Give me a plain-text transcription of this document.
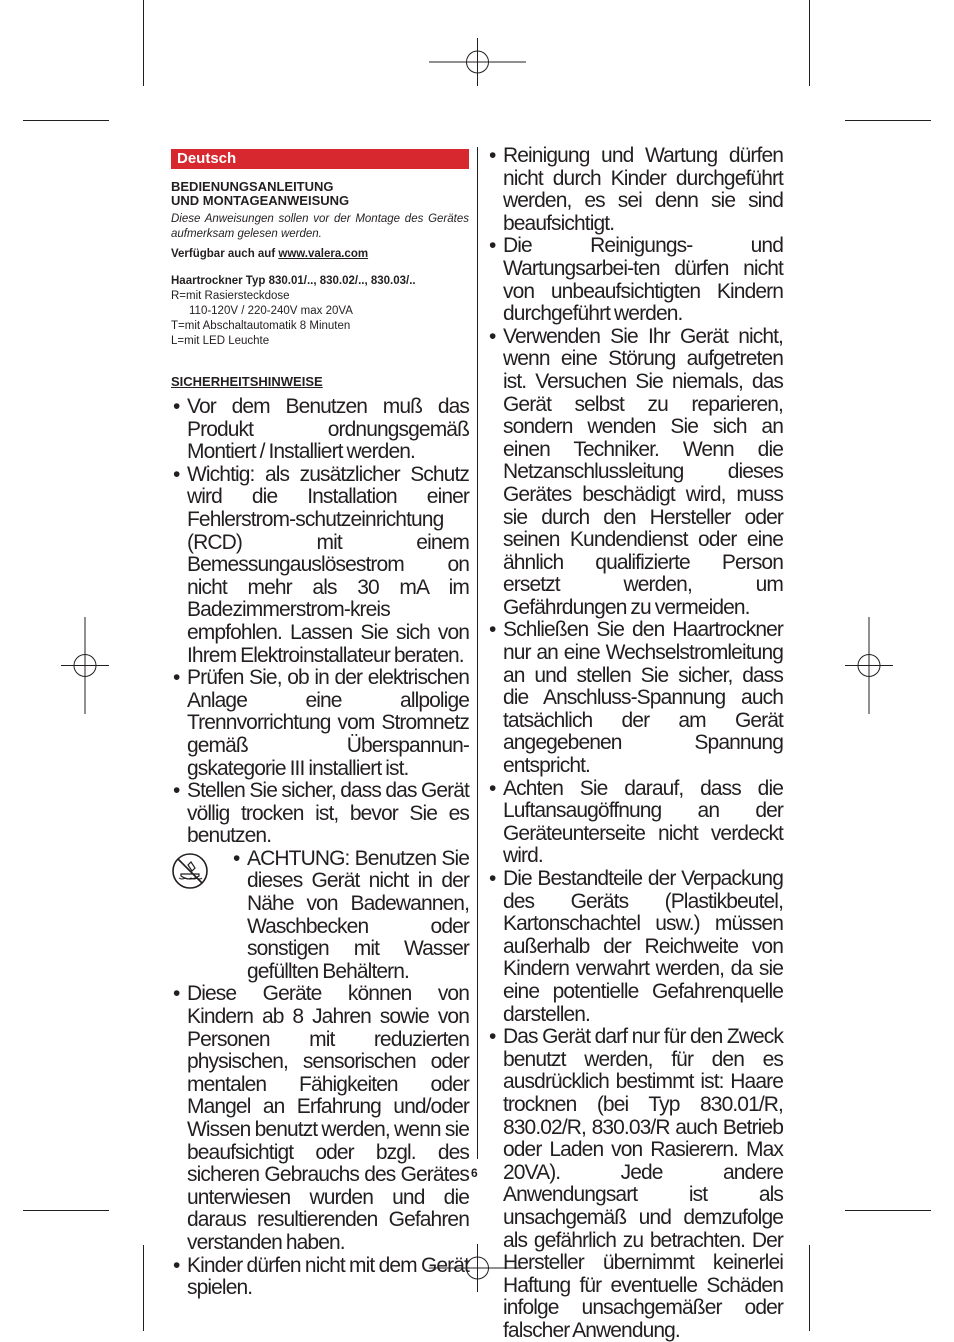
Deutsch
BEDIENUNGSANLEITUNG
UND MONTAGEANWEISUNG
Diese Anweisungen sollen vor der Montage des Gerätes aufmerksam gelesen werden.
Verfügbar auch auf www.valera.com
Haartrockner Typ 830.01/.., 830.02/.., 830.03/..
R=mit Rasiersteckdose
110-120V / 220-240V max 20VA
T=mit Abschaltautomatik 8 Minuten
L=mit LED Leuchte
SICHERHEITSHINWEISE
• Vor dem Benutzen muß das Produkt ordnungsgemäß Montiert / Installiert werden.
• Wichtig: als zusätzlicher Schutz wird die Installation einer Fehlerstrom-schutzeinrichtung (RCD) mit einem Bemessungauslösestrom on nicht mehr als 30 mA im Badezimmerstrom-kreis empfohlen. Lassen Sie sich von Ihrem Elektroinstallateur beraten.
• Prüfen Sie, ob in der elektrischen Anlage eine allpolige Trennvorrichtung vom Stromnetz gemäß Überspannun-gskategorie III installiert ist.
• Stellen Sie sicher, dass das Gerät völlig trocken ist, bevor Sie es benutzen.
• ACHTUNG: Benutzen Sie dieses Gerät nicht in der Nähe von Badewannen, Waschbecken oder sonstigen mit Wasser gefüllten Behältern.
• Diese Geräte können von Kindern ab 8 Jahren sowie von Personen mit reduzierten physischen, sensorischen oder mentalen Fähigkeiten oder Mangel an Erfahrung und/oder Wissen benutzt werden, wenn sie beaufsichtigt oder bzgl. des sicheren Gebrauchs des Gerätes unterwiesen wurden und die daraus resultierenden Gefahren verstanden haben.
• Kinder dürfen nicht mit dem Gerät spielen.
• Reinigung und Wartung dürfen nicht durch Kinder durchgeführt werden, es sei denn sie sind beaufsichtigt.
• Die Reinigungs- und Wartungsarbei-ten dürfen nicht von unbeaufsichtigten Kindern durchgeführt werden.
• Verwenden Sie Ihr Gerät nicht, wenn eine Störung aufgetreten ist. Versuchen Sie niemals, das Gerät selbst zu reparieren, sondern wenden Sie sich an einen Techniker. Wenn die Netzanschlussleitung dieses Gerätes beschädigt wird, muss sie durch den Hersteller oder seinen Kundendienst oder eine ähnlich qualifizierte Person ersetzt werden, um Gefährdungen zu vermeiden.
• Schließen Sie den Haartrockner nur an eine Wechselstromleitung an und stellen Sie sicher, dass die Anschluss-Spannung auch tatsächlich der am Gerät angegebenen Spannung entspricht.
• Achten Sie darauf, dass die Luftansaugöffnung an der Geräteunterseite nicht verdeckt wird.
• Die Bestandteile der Verpackung des Geräts (Plastikbeutel, Kartonschachtel usw.) müssen außerhalb der Reichweite von Kindern verwahrt werden, da sie eine potentielle Gefahrenquelle darstellen.
• Das Gerät darf nur für den Zweck benutzt werden, für den es ausdrücklich bestimmt ist: Haare trocknen (bei Typ 830.01/R, 830.02/R, 830.03/R auch Betrieb oder Laden von Rasierern. Max 20VA). Jede andere Anwendungsart ist als unsachgemäß und demzufolge als gefährlich zu betrachten. Der Hersteller übernimmt keinerlei Haftung für eventuelle Schäden infolge unsachgemäßer oder falscher Anwendung.
6
